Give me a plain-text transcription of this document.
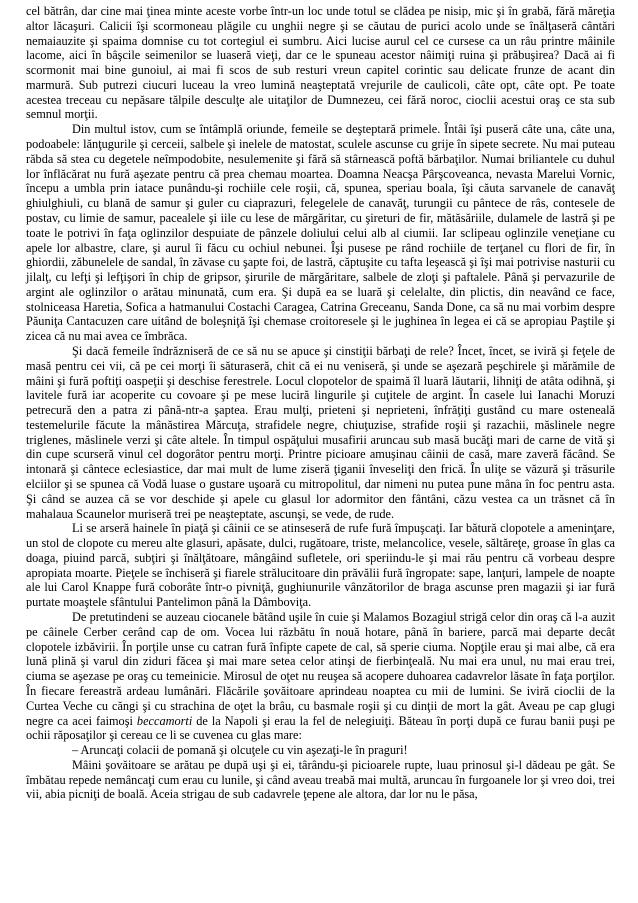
cel bătrân, dar cine mai ţinea minte aceste vorbe într-un loc unde totul se clădea pe nisip, mic şi în grabă, fără măreţia altor lăcaşuri. Calicii îşi scormoneau plăgile cu unghii negre şi se căutau de purici acolo unde se înălţaseră cântări nemaiauzite şi spaima domnise cu tot cortegiul ei sumbru. Aici lucise aurul cel ce cursese ca un râu printre mâinile lacome, aici în bâşcile seimenilor se luaseră vieţi, dar ce le spuneau acestor nâimiţi ruina şi prăbuşirea? Dacă ai fi scormonit mai bine gunoiul, ai mai fi scos de sub resturi vreun capitel corintic sau delicate frunze de acant din marmură. Sub putrezi ciucuri luceau la vreo lumină neaşteptată vrejurile de caulicoli, câte opt, câte opt. Pe toate acestea treceau cu nepăsare tălpile desculţe ale uitaţilor de Dumnezeu, cei fără noroc, cioclii acestui oraş ce sta sub semnul morţii.

Din multul istov, cum se întâmplă oriunde, femeile se deşteptară primele. Întâi îşi puseră câte una, câte una, podoabele: lănţugurile şi cerceii, salbele şi inelele de matostat, sculele ascunse cu grije în sipete secrete. Nu mai puteau răbda să stea cu degetele neîmpodobite, nesulemenite şi fără să stârnească poftă bărbaţilor. Numai briliantele cu duhul lor înflăcărat nu fură aşezate pentru că prea chemau moartea. Doamna Neacşa Pârşcoveanca, nevasta Marelui Vornic, începu a umbla prin iatace punându-şi rochiile cele roşii, că, spunea, speriau boala, îşi căuta sarvanele de canavăţ ghiulghiuli, cu blană de samur şi guler cu ciaprazuri, felegelele de canavăţ, turungii cu pântece de râs, contesele de postav, cu limie de samur, pacealele şi iile cu lese de mărgăritar, cu şireturi de fir, mătăsăriile, dulamele de lastră şi pe toate le potrivi în faţa oglinzilor despuiate de pânzele doliului celui alb al ciumii. Iar sclipeau oglinzile veneţiane cu apele lor albastre, clare, şi aurul îi făcu cu ochiul nebunei. Îşi pusese pe rând rochiile de terţanel cu flori de fir, în ghiordii, zăbunelele de sandal, în zăvase cu şapte foi, de lastră, căptuşite cu tafta leşească şi îşi mai potrivise nasturii cu jilalţ, cu lefţi şi lefţişori în chip de gripsor, şirurile de mărgăritare, salbele de zloţi şi paftalele. Până şi pervazurile de argint ale oglinzilor o arătau minunată, cum era. Şi după ea se luară şi celelalte, din plictis, din neavând ce face, stolniceasa Haretia, Sofica a hatmanului Costachi Caragea, Catrina Greceanu, Sanda Done, ca să nu mai vorbim despre Păuniţa Cantacuzen care uitând de boleşniţă îşi chemase croitoresele şi le jughinea în legea ei că se apropiau Paştile şi zicea că nu mai avea ce îmbrăca.

Şi dacă femeile îndrăzniseră de ce să nu se apuce şi cinstiţii bărbaţi de rele? Încet, încet, se iviră şi feţele de masă pentru cei vii, că pe cei morţi îi săturaseră, chit că ei nu veniseră, şi unde se aşezară peşchirele şi mărămile de mâini şi fură poftiţi oaspeţii şi deschise ferestrele. Locul clopotelor de spaimă îl luară lăutarii, lihniţi de atâta odihnă, şi lavitele fură iar acoperite cu covoare şi pe mese luciră lingurile şi cuţitele de argint. În casele lui Ianachi Moruzi petrecură den a patra zi până-ntr-a şaptea. Erau mulţi, prieteni şi neprieteni, înfrăţiţi gustând cu mare osteneală testemelurile făcute la mânăstirea Mărcuţa, strafidele negre, chiuţuzise, strafide roşii şi razachii, măslinele negre triglenes, măslinele verzi şi câte altele. În timpul ospăţului musafirii aruncau sub masă bucăţi mari de carne de vită şi din cupe scurseră vinul cel dogorâtor pentru morţi. Printre picioare amuşinau câinii de casă, mare zaveră făcând. Se intonară şi cântece eclesiastice, dar mai mult de lume ziseră ţiganii înveseliţi den frică. În uliţe se văzură şi trăsurile elciilor şi se spunea că Vodă luase o gustare uşoară cu mitropolitul, dar nimeni nu putea pune mâna în foc pentru asta. Şi când se auzea că se vor deschide şi apele cu glasul lor adormitor den fântâni, căzu vestea ca un trăsnet că în mahalaua Scaunelor muriseră trei pe neaşteptate, ascunşi, se vede, de rude.

Li se arseră hainele în piaţă şi câinii ce se atinseseră de rufe fură împuşcaţi. Iar bătură clopotele a ameninţare, un stol de clopote cu mereu alte glasuri, apăsate, dulci, rugătoare, triste, melancolice, vesele, săltăreţe, groase în glas ca doaga, piuind parcă, subţiri şi înălţătoare, mângâind sufletele, ori speriindu-le şi mai rău pentru că vorbeau despre apropiata moarte. Pieţele se închiseră şi fiarele strălucitoare din prăvălii fură îngropate: sape, lanţuri, lampele de noapte ale lui Carol Knappe fură coborâte într-o pivniţă, gughiunurile vânzătorilor de braga ascunse pren magazii şi iar fură purtate moaştele sfântului Pantelimon până la Dâmboviţa.

De pretutindeni se auzeau ciocanele bătând uşile în cuie şi Malamos Bozagiul strigă celor din oraş că l-a auzit pe câinele Cerber cerând cap de om. Vocea lui răzbătu în nouă hotare, până în bariere, parcă mai departe decât clopotele izbăvirii. În porţile unse cu catran fură înfipte capete de cal, să sperie ciuma. Nopţile erau şi mai albe, că era lună plină şi varul din ziduri făcea şi mai mare setea celor atinşi de fierbinţeală. Nu mai era unul, nu mai erau trei, ciuma se aşezase pe oraş cu temeinicie. Mirosul de oţet nu reuşea să acopere duhoarea cadavrelor lăsate în faţa porţilor. În fiecare fereastră ardeau lumânări. Flăcările şovăitoare aprindeau noaptea cu mii de lumini. Se iviră cioclii de la Curtea Veche cu căngi şi cu strachina de oţet la brâu, cu basmale roşii şi cu dinţii de mort la gât. Aveau pe cap glugi negre ca acei faimoşi beccamorti de la Napoli şi erau la fel de nelegiuiţi. Băteau în porţi după ce furau banii puşi pe ochii răposaţilor şi cereau ce li se cuvenea cu glas mare:

– Aruncaţi colacii de pomană şi olcuţele cu vin aşezaţi-le în praguri!

Mâini şovăitoare se arătau pe după uşi şi ei, târându-şi picioarele rupte, luau prinosul şi-l dădeau pe gât. Se îmbătau repede nemâncaţi cum erau cu lunile, şi când aveau treabă mai multă, aruncau în furgoanele lor şi vreo doi, trei vii, abia picniţi de boală. Aceia strigau de sub cadavrele ţepene ale altora, dar lor nu le păsa,
